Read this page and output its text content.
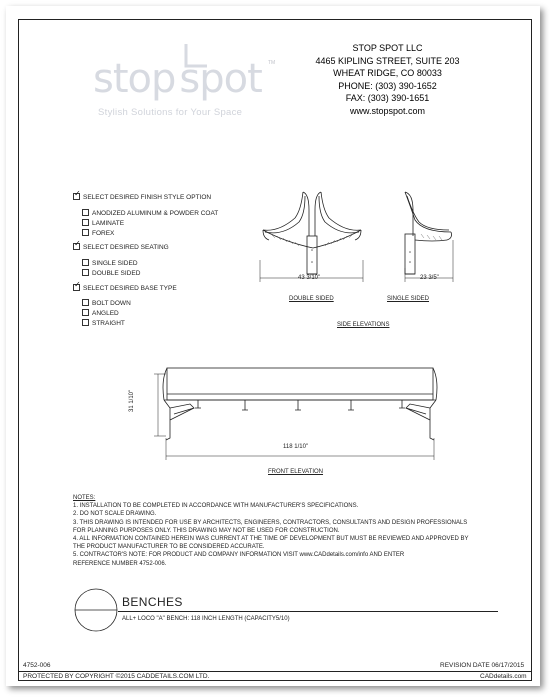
stop spot TM
Stylish Solutions for Your Space
STOP SPOT LLC
4465 KIPLING STREET, SUITE 203
WHEAT RIDGE, CO 80033
PHONE: (303) 390-1652
FAX: (303) 390-1651
www.stopspot.com
✓ SELECT DESIRED FINISH STYLE OPTION
ANODIZED ALUMINUM & POWDER COAT
LAMINATE
FOREX
✓ SELECT DESIRED SEATING
SINGLE SIDED
DOUBLE SIDED
✓ SELECT DESIRED BASE TYPE
BOLT DOWN
ANGLED
STRAIGHT
43 3/10"
DOUBLE SIDED
23 3/5"
SINGLE SIDED
SIDE ELEVATIONS
31 1/10"
118 1/10"
FRONT ELEVATION
NOTES:
1. INSTALLATION TO BE COMPLETED IN ACCORDANCE WITH MANUFACTURER'S SPECIFICATIONS.
2. DO NOT SCALE DRAWING.
3. THIS DRAWING IS INTENDED FOR USE BY ARCHITECTS, ENGINEERS, CONTRACTORS, CONSULTANTS AND DESIGN PROFESSIONALS
FOR PLANNING PURPOSES ONLY. THIS DRAWING MAY NOT BE USED FOR CONSTRUCTION.
4. ALL INFORMATION CONTAINED HEREIN WAS CURRENT AT THE TIME OF DEVELOPMENT BUT MUST BE REVIEWED AND APPROVED BY
THE PRODUCT MANUFACTURER TO BE CONSIDERED ACCURATE.
5. CONTRACTOR'S NOTE: FOR PRODUCT AND COMPANY INFORMATION VISIT www.CADdetails.com/info AND ENTER
REFERENCE NUMBER 4752-006.
BENCHES
ALL+ LOCO "A" BENCH: 118 INCH LENGTH (CAPACITY5/10)
4752-006	REVISION DATE 06/17/2015
PROTECTED BY COPYRIGHT ©2015 CADDETAILS.COM LTD.	CADdetails.com
